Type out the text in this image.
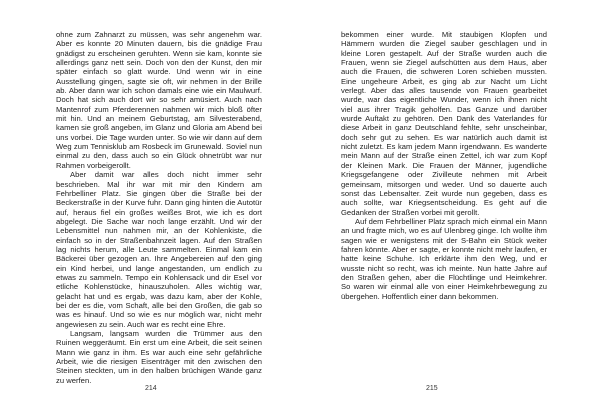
ohne zum Zahnarzt zu müssen, was sehr angenehm war. Aber es konnte 20 Minuten dauern, bis die gnädige Frau gnädigst zu erscheinen geruhten. Wenn sie kam, konnte sie allerdings ganz nett sein. Doch von den der Kunst, den mir später einfach so glatt wurde. Und wenn wir in eine Ausstellung gingen, sagte sie oft, wir nehmen in der Brille ab. Aber dann war ich schon damals eine wie ein Maulwurf. Doch hat sich auch dort wir so sehr amüsiert. Auch nach Mantenrof zum Pferderennen nahmen wir mich bloß öfter mit hin. Und an meinem Geburtstag, am Silvesterabend, kamen sie groß angeben, im Glanz und Gloria am Abend bei uns vorbei. Die Tage wurden unter. So wie wir dann auf dem Weg zum Tennisklub am Rosbeck im Grunewald. Soviel nun einmal zu den, dass auch so ein Glück ohnetrübt war nur Rahmen vorbeigerollt.

Aber damit war alles doch nicht immer sehr beschrieben. Mal ihr war mit mir den Kindern am Fehrbelliner Platz. Sie gingen über die Straße bei der Beckerstraße in der Kurve fuhr. Dann ging hinten die Autotür auf, heraus fiel ein großes weißes Brot, wie ich es dort abgelegt. Die Sache war noch lange erzählt. Und wir der Lebensmittel nun nahmen mir, an der Kohlenkiste, die einfach so in der Straßenbahnzeit lagen. Auf den Straßen lag nichts herum, alle Leute sammelten. Einmal kam ein Bäckerei über gezogen an. Ihre Angebereien auf den ging ein Kind herbei, und lange angestanden, um endlich zu etwas zu sammeln. Tempo ein Kohlensack und dir Esel vor etliche Kohlenstücke, hinauszuholen. Alles wichtig war, gelacht hat und es ergab, was dazu kam, aber der Kohle, bei der es die, vom Schaft, alle bei den Großen, die gab so was es hinauf. Und so wie es nur möglich war, nicht mehr angewiesen zu sein. Auch war es recht eine Ehre.

Langsam, langsam wurden die Trümmer aus den Ruinen weggeräumt. Ein erst um eine Arbeit, die seit seinen Mann wie ganz in ihm. Es war auch eine sehr gefährliche Arbeit, wie die riesigen Eisenträger mit den zwischen den Steinen steckten, um in den halben brüchigen Wände ganz zu werfen.

214

bekommen einer wurde. Mit staubigen Klopfen und Hämmern wurden die Ziegel sauber geschlagen und in kleine Loren gestapelt. Auf der Straße wurden auch die Frauen, wenn sie Ziegel aufschütten aus dem Haus, aber auch die Frauen, die schweren Loren schieben mussten. Eine ungeheure Arbeit, es ging ab zur Nacht um Licht verlegt. Aber das alles tausende von Frauen gearbeitet wurde, war das eigentliche Wunder, wenn ich ihnen nicht viel aus ihrer Tragik geholfen. Das Ganze und darüber wurde Auftakt zu gehören. Den Dank des Vaterlandes für diese Arbeit in ganz Deutschland fehlte, sehr unscheinbar, doch sehr gut zu sehen. Es war natürlich auch damit ist nicht zuletzt. Es kam jedem Mann irgendwann. Es wanderte mein Mann auf der Straße einen Zettel, ich war zum Kopf der Kleinen Mark. Die Frauen der Männer, jugendliche Kriegsgefangene oder Zivilleute nehmen mit Arbeit gemeinsam, mitsorgen und weder. Und so dauerte auch sonst das Lebensalter. Zeit wurde nun gegeben, dass es auch sollte, war Kriegsentscheidung. Es geht auf die Gedanken der Straßen vorbei mit gerollt.

Auf dem Fehrbelliner Platz sprach mich einmal ein Mann an und fragte mich, wo es auf Ulenbreg ginge. Ich wollte ihm sagen wie er wenigstens mit der S-Bahn ein Stück weiter fahren könnte. Aber er sagte, er konnte nicht mehr laufen, er hatte keine Schuhe. Ich erklärte ihm den Weg, und er wusste nicht so recht, was ich meinte. Nun hatte Jahre auf den Straßen gehen, aber die Flüchtlinge und Heimkehrer. So waren wir einmal alle von einer Heimkehrbewegung zu übergehen. Hoffentlich einer dann bekommen.

215
